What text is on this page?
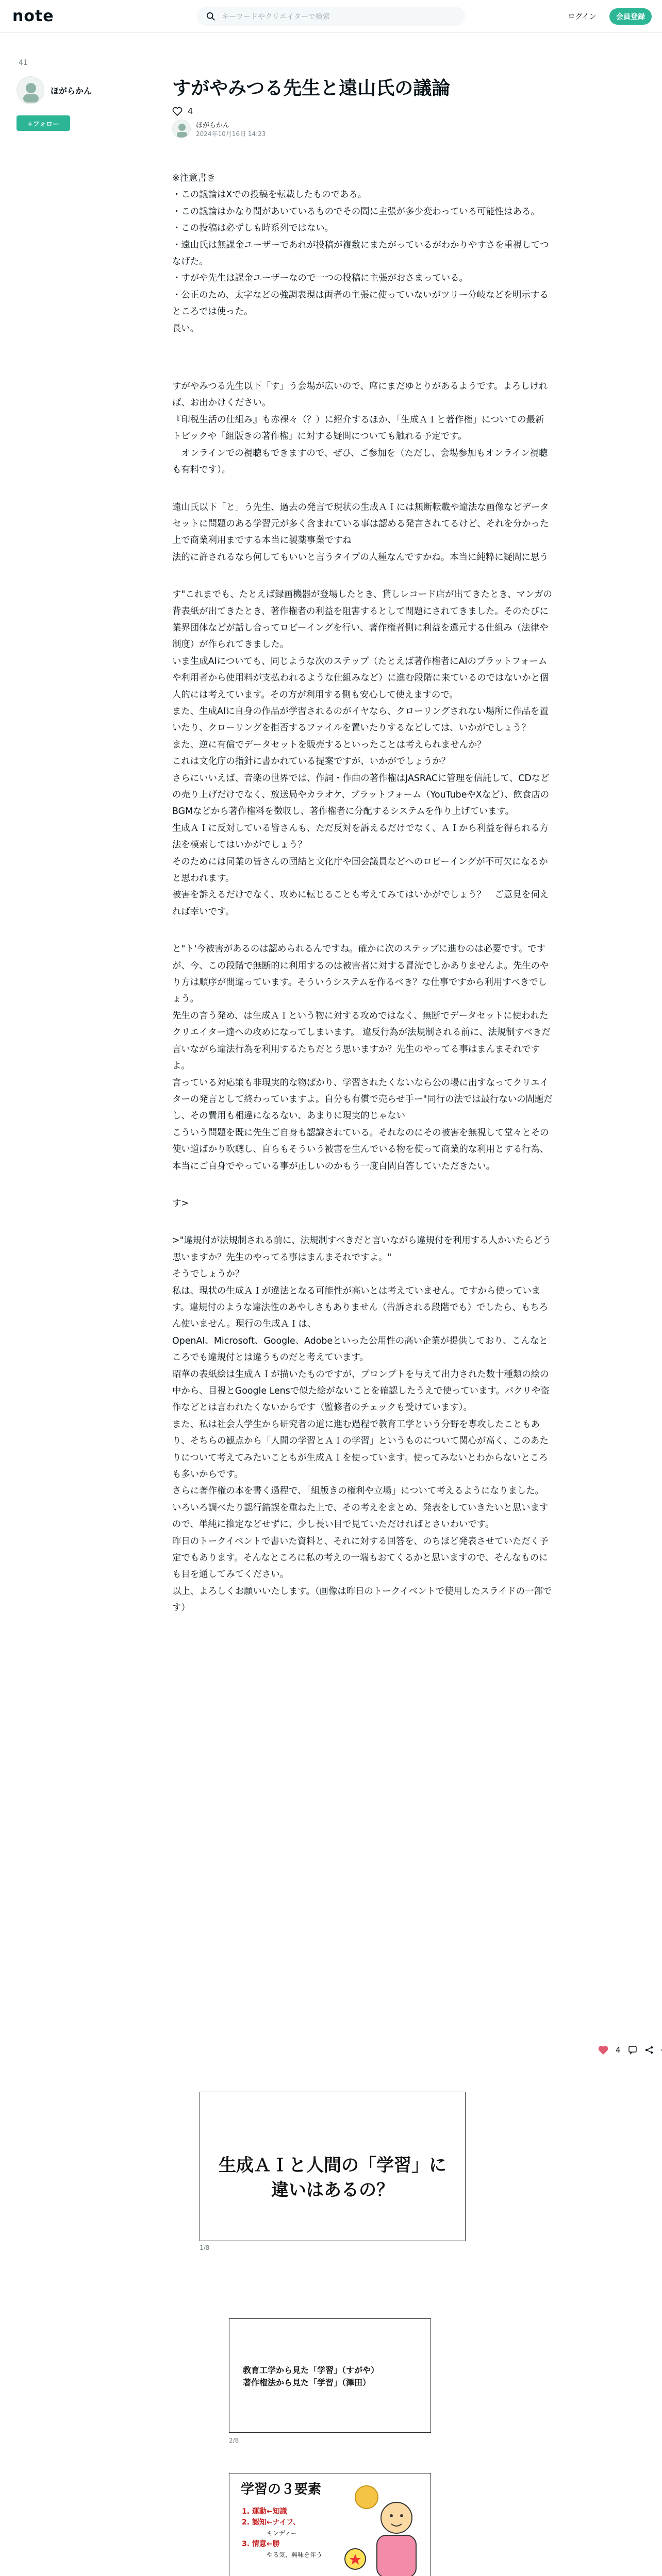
note	キーワードやクリエイターで検索	ログイン	会員登録
41
ほがらかん
+フォロー
すがやみつる先生と遠山氏の議論
4
ほがらかん
2024年10月16日 14:23

※注意書き
・この議論はXでの投稿を転載したものである。
・この議論はかなり間があいているものでその間に主張が多少変わっている可能性はある。
・この投稿は必ずしも時系列ではない。
・遠山氏は無課金ユーザーであれが投稿が複数にまたがっているがわかりやすさを重視してつなげた。
・すがや先生は課金ユーザーなので一つの投稿に主張がおさまっている。
・公正のため、太字などの強調表現は両者の主張に使っていないがツリー分岐などを明示するところでは使った。
長い。

すがやみつる先生以下「す」う会場が広いので、席にまだゆとりがあるようです。よろしければ、お出かけください。
『印税生活の仕組み』も赤裸々（？）に紹介するほか、「生成ＡＩと著作権」についての最新トピックや「組版きの著作権」に対する疑問についても触れる予定です。
　オンラインでの視聴もできますので、ぜひ、ご参加を（ただし、会場参加もオンライン視聴も有料です）。

遠山氏以下「と」う先生、過去の発言で現状の生成ＡＩには無断転載や違法な画像などデータセットに問題のある学習元が多く含まれている事は認める発言されてるけど、それを分かった上で商業利用までする本当に製薬事業ですね
法的に許されるなら何してもいいと言うタイプの人種なんですかね。本当に純粋に疑問に思う

す"これまでも、たとえば録画機器が登場したとき、貸しレコード店が出てきたとき、マンガの背表紙が出てきたとき、著作権者の利益を阻害するとして問題にされてきました。そのたびに業界団体などが話し合ってロビーイングを行い、著作権者側に利益を還元する仕組み（法律や制度）が作られてきました。
いま生成AIについても、同じような次のステップ（たとえば著作権者にAIのプラットフォームや利用者から使用料が支払われるような仕組みなど）に進む段階に来ているのではないかと個人的には考えています。その方が利用する側も安心して使えますので。
また、生成AIに自身の作品が学習されるのがイヤなら、クローリングされない場所に作品を置いたり、クローリングを拒否するファイルを置いたりするなどしては、いかがでしょう？
また、逆に有償でデータセットを販売するといったことは考えられませんか？
これは文化庁の指針に書かれている提案ですが、いかがでしょうか？
さらにいいえば、音楽の世界では、作詞・作曲の著作権はJASRACに管理を信託して、CDなどの売り上げだけでなく、放送局やカラオケ、プラットフォーム（YouTubeやXなど）、飲食店のBGMなどから著作権料を徴収し、著作権者に分配するシステムを作り上げています。
生成ＡＩに反対している皆さんも、ただ反対を訴えるだけでなく、ＡＩから利益を得られる方法を模索してはいかがでしょう？
そのためには同業の皆さんの団結と文化庁や国会議員などへのロビーイングが不可欠になるかと思われます。
被害を訴えるだけでなく、攻めに転じることも考えてみてはいかがでしょう？　ご意見を伺えれば幸いです。

と"ト'今被害があるのは認められるんですね。確かに次のステップに進むのは必要です。ですが、今、この段階で無断的に利用するのは被害者に対する冒涜でしかありませんよ。先生のやり方は順序が間違っています。そういうシステムを作るべき？な仕事ですから利用すべきでしょう。
先生の言う発め、は生成ＡＩという物に対する攻めではなく、無断でデータセットに使われたクリエイター達への攻めになってしまいます。 違反行為が法規制される前に、法規制すべきだ言いながら違法行為を利用するたちだとう思いますか？先生のやってる事はまんまそれですよ。
言っている対応策も非現実的な物ばかり、学習されたくないなら公の場に出すなってクリエイターの発言として終わっていますよ。自分も有償で売らせ手ー"同行の法では最行ないの問題だし、その費用も相違になるない、あまりに現実的じゃない
こういう問題を既に先生ご自身も認識されている。それなのにその被害を無視して堂々とその使い道ばかり吹聴し、自らもそういう被害を生んでいる物を使って商業的な利用とする行為、本当にご自身でやっている事が正しいのかもう一度自問自答していただきたい。

す>

>"違規付が法規制される前に、法規制すべきだと言いながら違規付を利用する人かいたらどう思いますか？先生のやってる事はまんまそれですよ。"
そうでしょうか？
私は、現状の生成ＡＩが違法となる可能性が高いとは考えていません。ですから使っています。違規付のような違法性のあやしさもありません（告訴される段階でも）でしたら、もちろん使いません。現行の生成ＡＩは、
OpenAI、Microsoft、Google、Adobeといった公用性の高い企業が提供しており、こんなところでも違規付とは違うものだと考えています。
昭華の表紙絵は生成ＡＩが描いたものですが、プロンプトを与えて出力された数十種類の絵の中から、目視とGoogle Lensで似た絵がないことを確認したうえで使っています。パクリや盗作などとは言われたくないからです（監修者のチェックも受けています）。
また、私は社会人学生から研究者の道に進む過程で教育工学という分野を専攻したこともあり、そちらの観点から「人間の学習とＡＩの学習」というものについて関心が高く、このあたりについて考えてみたいこともが生成ＡＩを使っています。使ってみないとわからないところも多いからです。
さらに著作権の本を書く過程で、「組版きの権利や立場」について考えるようになりました。
いろいろ調べたり認行錯誤を重ねた上で、その考えをまとめ、発表をしていきたいと思いますので、単純に推定などせずに、少し長い目で見ていただければとさいわいです。
昨日のトークイベントで書いた資料と、それに対する回答を、のちほど発表させていただく予定でもあります。そんなところに私の考えの一端もおてくるかと思いますので、そんなものにも目を通してみてください。
以上、よろしくお願いいたします。（画像は昨日のトークイベントで使用したスライドの一部です）

4
生成ＡＩと人間の「学習」に
違いはあるの？
1/8
教育工学から見た「学習」（すがや）
著作権法から見た「学習」（澤田）
2/8
学習の３要素
1. 運動←知識
2. 認知←ナイフ、
キンディー
3. 情意←勝
やる気、興味を伴う
